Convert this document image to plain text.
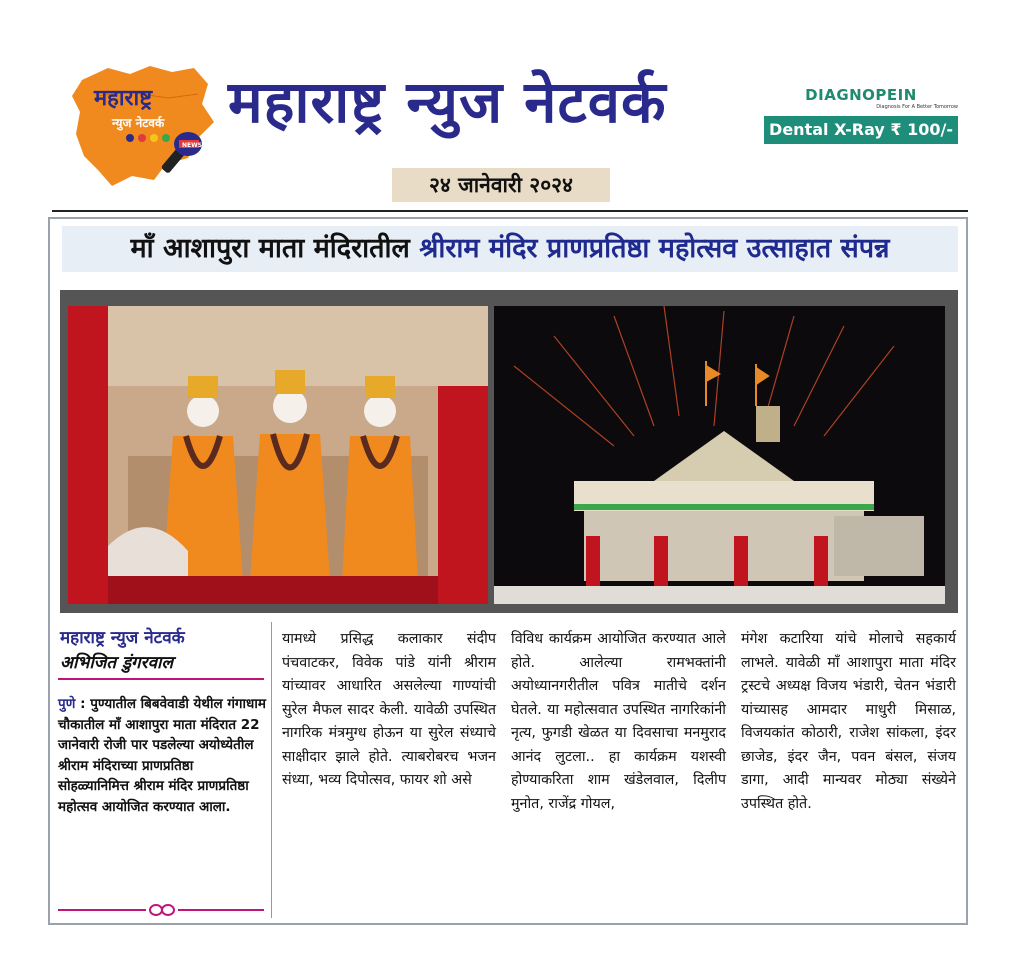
NEWS
महाराष्ट्र
न्युज नेटवर्क महाराष्ट्र न्युज नेटवर्क
२४ जानेवारी २०२४
DIAGNOPEIN
Diagnosis For A Better Tomorrow
Dental X-Ray ₹ 100/-
माँ आशापुरा माता मंदिरातील श्रीराम मंदिर प्राणप्रतिष्ठा महोत्सव उत्साहात संपन्न
महाराष्ट्र न्युज नेटवर्क
अभिजित डुंगरवाल
पुणे : पुण्यातील बिबवेवाडी येथील गंगाधाम चौकातील माँ आशापुरा माता मंदिरात 22 जानेवारी रोजी पार पडलेल्या अयोध्येतील श्रीराम मंदिराच्या प्राणप्रतिष्ठा सोहळ्यानिमित्त श्रीराम मंदिर प्राणप्रतिष्ठा महोत्सव आयोजित करण्यात आला.
यामध्ये प्रसिद्ध कलाकार संदीप पंचवाटकर, विवेक पांडे यांनी श्रीराम यांच्यावर आधारित असलेल्या गाण्यांची सुरेल मैफल सादर केली. यावेळी उपस्थित नागरिक मंत्रमुग्ध होऊन या सुरेल संध्याचे साक्षीदार झाले होते. त्याबरोबरच भजन संध्या, भव्य दिपोत्सव, फायर शो असे
विविध कार्यक्रम आयोजित करण्यात आले होते. आलेल्या रामभक्तांनी अयोध्यानगरीतील पवित्र मातीचे दर्शन घेतले. या महोत्सवात उपस्थित नागरिकांनी नृत्य, फुगडी खेळत या दिवसाचा मनमुराद आनंद लुटला.. हा कार्यक्रम यशस्वी होण्याकरिता शाम खंडेलवाल, दिलीप मुनोत, राजेंद्र गोयल,
मंगेश कटारिया यांचे मोलाचे सहकार्य लाभले. यावेळी माँ आशापुरा माता मंदिर ट्रस्टचे अध्यक्ष विजय भंडारी, चेतन भंडारी यांच्यासह आमदार माधुरी मिसाळ, विजयकांत कोठारी, राजेश सांकला, इंदर छाजेड, इंदर जैन, पवन बंसल, संजय डागा, आदी मान्यवर मोठ्या संख्येने उपस्थित होते.
